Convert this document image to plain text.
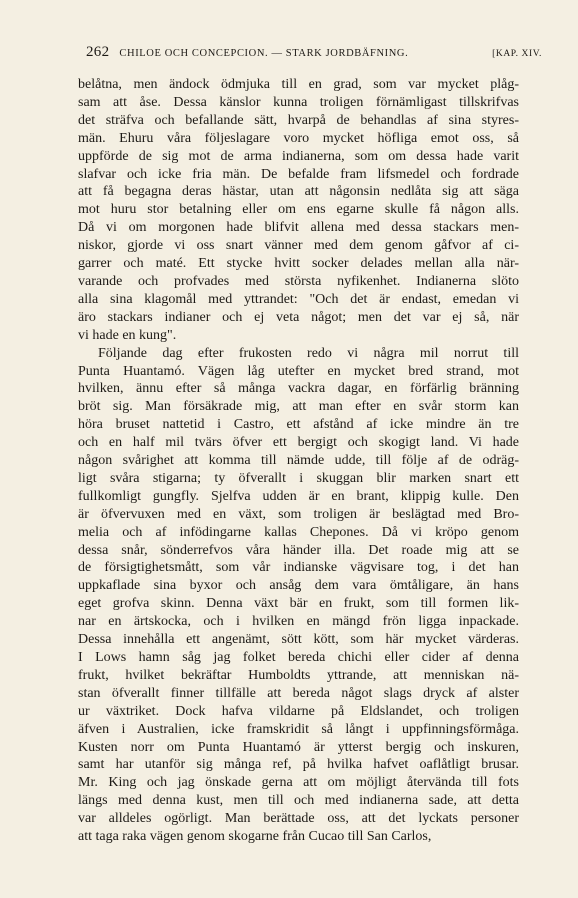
262 CHILOE OCH CONCEPCION. — STARK JORDBÄFNING.	[KAP. XIV.
belåtna, men ändock ödmjuka till en grad, som var mycket plåg-
sam att åse. Dessa känslor kunna troligen förnämligast tillskrifvas
det sträfva och befallande sätt, hvarpå de behandlas af sina styres-
män. Ehuru våra följeslagare voro mycket höfliga emot oss, så
uppförde de sig mot de arma indianerna, som om dessa hade varit
slafvar och icke fria män. De befalde fram lifsmedel och fordrade
att få begagna deras hästar, utan att någonsin nedlåta sig att säga
mot huru stor betalning eller om ens egarne skulle få någon alls.
Då vi om morgonen hade blifvit allena med dessa stackars men-
niskor, gjorde vi oss snart vänner med dem genom gåfvor af ci-
garrer och maté. Ett stycke hvitt socker delades mellan alla när-
varande och profvades med största nyfikenhet. Indianerna slöto
alla sina klagomål med yttrandet: "Och det är endast, emedan vi
äro stackars indianer och ej veta något; men det var ej så, när
vi hade en kung".
Följande dag efter frukosten redo vi några mil norrut till
Punta Huantamó. Vägen låg utefter en mycket bred strand, mot
hvilken, ännu efter så många vackra dagar, en förfärlig bränning
bröt sig. Man försäkrade mig, att man efter en svår storm kan
höra bruset nattetid i Castro, ett afstånd af icke mindre än tre
och en half mil tvärs öfver ett bergigt och skogigt land. Vi hade
någon svårighet att komma till nämde udde, till följe af de odräg-
ligt svåra stigarna; ty öfverallt i skuggan blir marken snart ett
fullkomligt gungfly. Sjelfva udden är en brant, klippig kulle. Den
är öfvervuxen med en växt, som troligen är beslägtad med Bro-
melia och af infödingarne kallas Chepones. Då vi kröpo genom
dessa snår, sönderrefvos våra händer illa. Det roade mig att se
de försigtighetsmått, som vår indianske vägvisare tog, i det han
uppkaflade sina byxor och ansåg dem vara ömtåligare, än hans
eget grofva skinn. Denna växt bär en frukt, som till formen lik-
nar en ärtskocka, och i hvilken en mängd frön ligga inpackade.
Dessa innehålla ett angenämt, sött kött, som här mycket värderas.
I Lows hamn såg jag folket bereda chichi eller cider af denna
frukt, hvilket bekräftar Humboldts yttrande, att menniskan nä-
stan öfverallt finner tillfälle att bereda något slags dryck af alster
ur växtriket. Dock hafva vildarne på Eldslandet, och troligen
äfven i Australien, icke framskridit så långt i uppfinningsförmåga.
Kusten norr om Punta Huantamó är ytterst bergig och inskuren,
samt har utanför sig många ref, på hvilka hafvet oaflåtligt brusar.
Mr. King och jag önskade gerna att om möjligt återvända till fots
längs med denna kust, men till och med indianerna sade, att detta
var alldeles ogörligt. Man berättade oss, att det lyckats personer
att taga raka vägen genom skogarne från Cucao till San Carlos,
